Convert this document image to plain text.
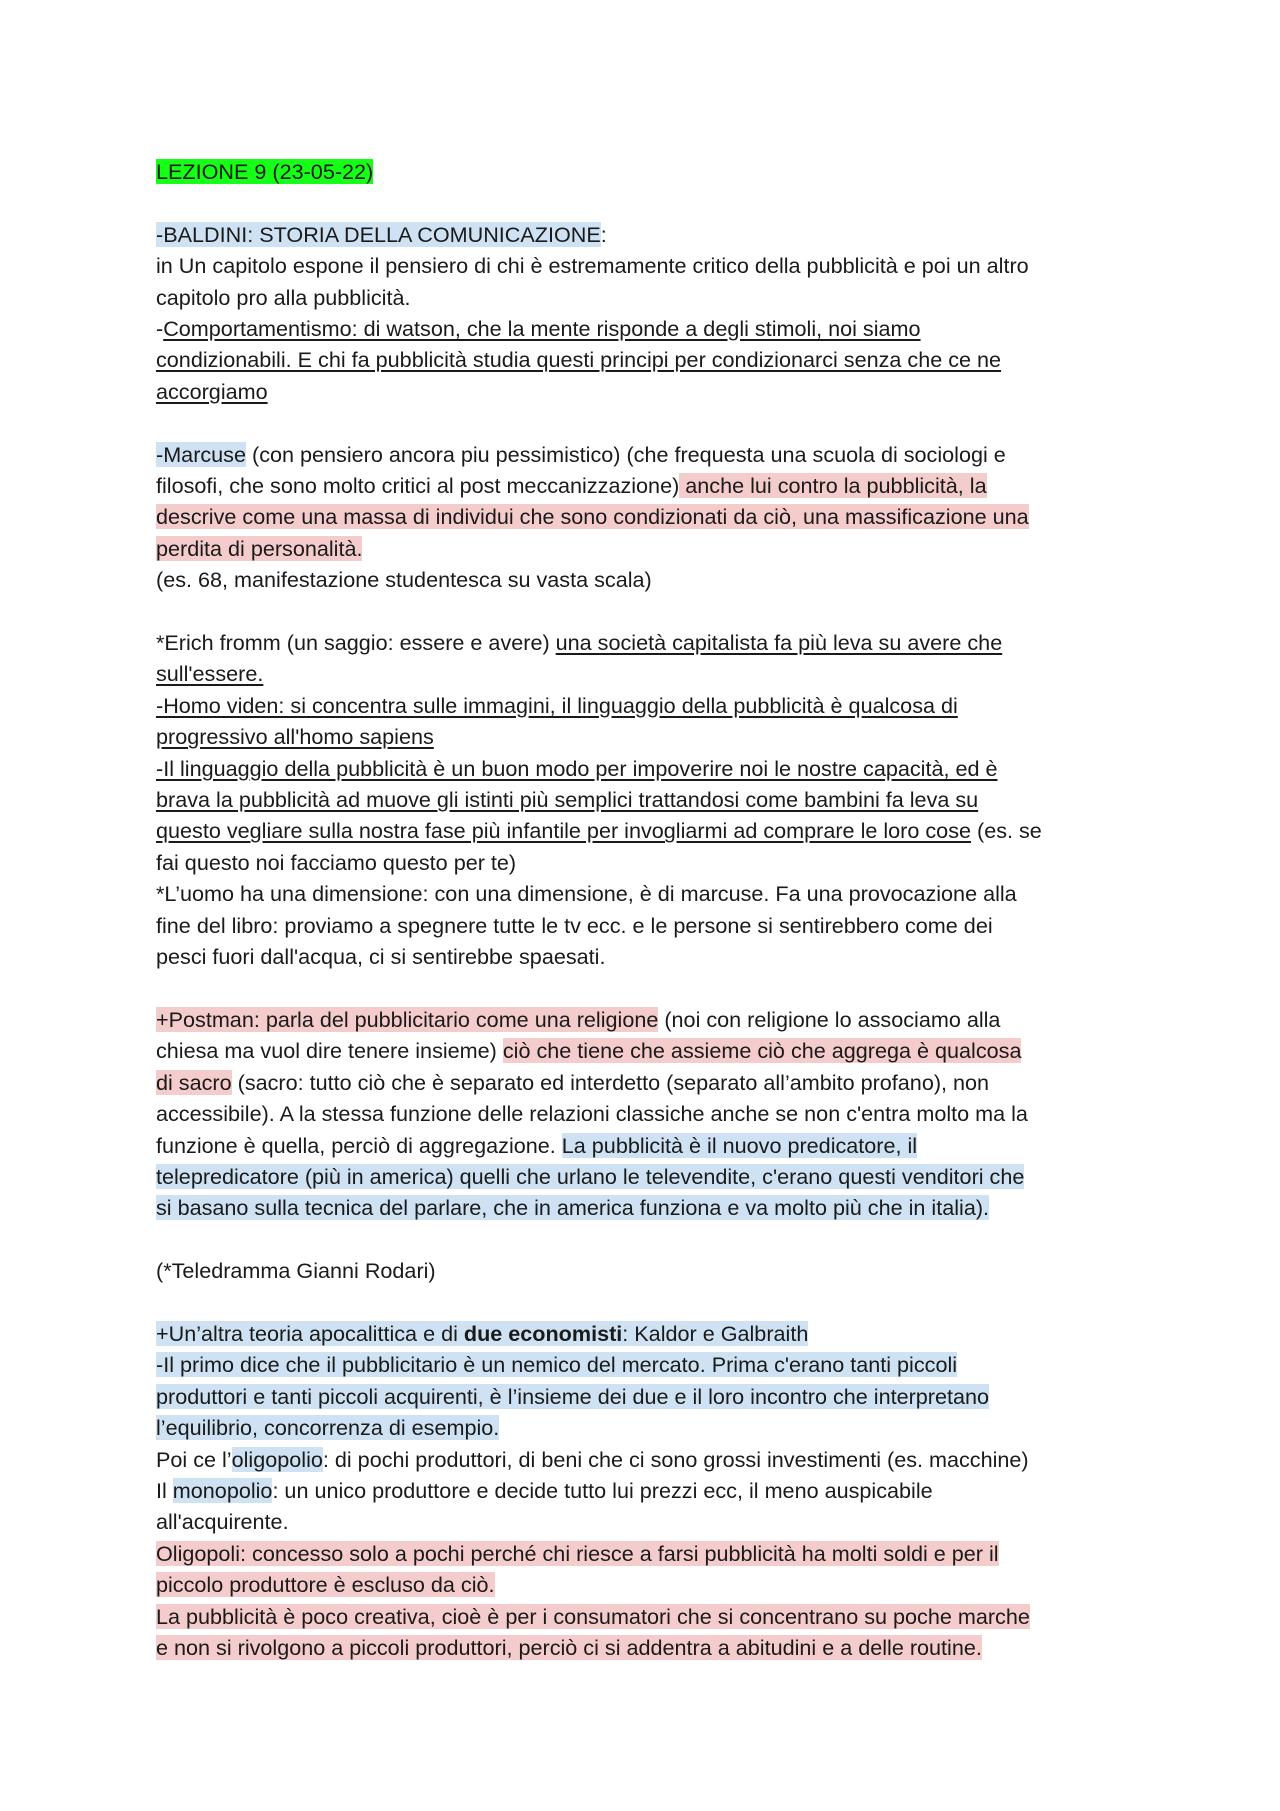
LEZIONE 9 (23-05-22)

-BALDINI: STORIA DELLA COMUNICAZIONE:

in Un capitolo espone il pensiero di chi è estremamente critico della pubblicità e poi un altro

capitolo pro alla pubblicità.

-Comportamentismo: di watson, che la mente risponde a degli stimoli, noi siamo

condizionabili. E chi fa pubblicità studia questi principi per condizionarci senza che ce ne

accorgiamo

-Marcuse (con pensiero ancora piu pessimistico) (che frequesta una scuola di sociologi e

filosofi, che sono molto critici al post meccanizzazione) anche lui contro la pubblicità, la

descrive come una massa di individui che sono condizionati da ciò, una massificazione una

perdita di personalità.

(es. 68, manifestazione studentesca su vasta scala)

*Erich fromm (un saggio: essere e avere) una società capitalista fa più leva su avere che

sull'essere.

-Homo viden: si concentra sulle immagini, il linguaggio della pubblicità è qualcosa di

progressivo all'homo sapiens

-Il linguaggio della pubblicità è un buon modo per impoverire noi le nostre capacità, ed è

brava la pubblicità ad muove gli istinti più semplici trattandosi come bambini fa leva su

questo vegliare sulla nostra fase più infantile per invogliarmi ad comprare le loro cose (es. se

fai questo noi facciamo questo per te)

*L’uomo ha una dimensione: con una dimensione, è di marcuse. Fa una provocazione alla

fine del libro: proviamo a spegnere tutte le tv ecc. e le persone si sentirebbero come dei

pesci fuori dall'acqua, ci si sentirebbe spaesati.

+Postman: parla del pubblicitario come una religione (noi con religione lo associamo alla

chiesa ma vuol dire tenere insieme) ciò che tiene che assieme ciò che aggrega è qualcosa

di sacro (sacro: tutto ciò che è separato ed interdetto (separato all’ambito profano), non

accessibile). A la stessa funzione delle relazioni classiche anche se non c'entra molto ma la

funzione è quella, perciò di aggregazione. La pubblicità è il nuovo predicatore, il

telepredicatore (più in america) quelli che urlano le televendite, c'erano questi venditori che

si basano sulla tecnica del parlare, che in america funziona e va molto più che in italia).

(*Teledramma Gianni Rodari)

+Un’altra teoria apocalittica e di due economisti: Kaldor e Galbraith

-Il primo dice che il pubblicitario è un nemico del mercato. Prima c'erano tanti piccoli

produttori e tanti piccoli acquirenti, è l’insieme dei due e il loro incontro che interpretano

l’equilibrio, concorrenza di esempio.

Poi ce l’oligopolio: di pochi produttori, di beni che ci sono grossi investimenti (es. macchine)

Il monopolio: un unico produttore e decide tutto lui prezzi ecc, il meno auspicabile

all'acquirente.

Oligopoli: concesso solo a pochi perché chi riesce a farsi pubblicità ha molti soldi e per il

piccolo produttore è escluso da ciò.

La pubblicità è poco creativa, cioè è per i consumatori che si concentrano su poche marche

e non si rivolgono a piccoli produttori, perciò ci si addentra a abitudini e a delle routine.
